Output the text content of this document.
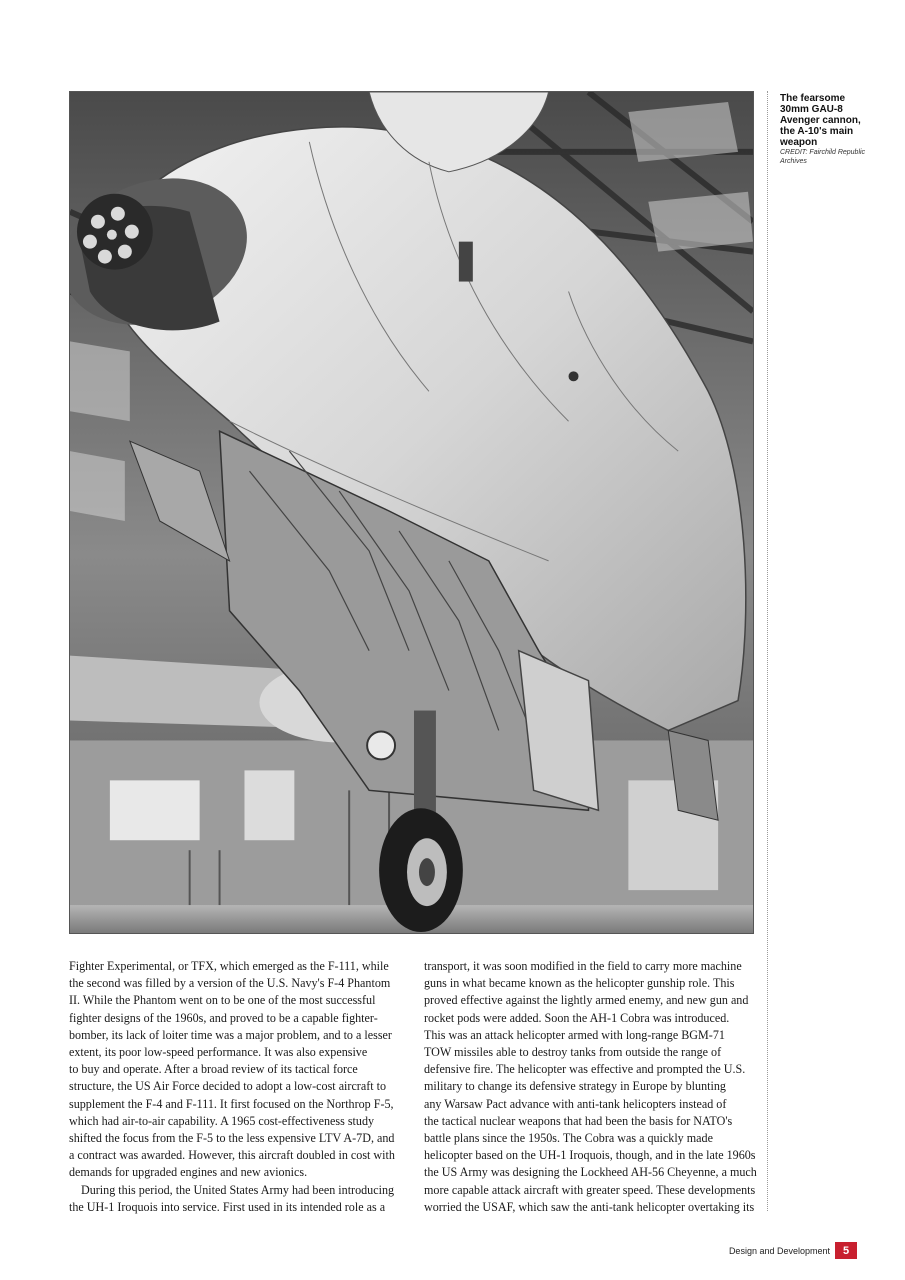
The fearsome
30mm GAU-8
Avenger cannon,
the A-10's main
weapon
CREDIT: Fairchild Republic
Archives

Fighter Experimental, or TFX, which emerged as the F-111, while

the second was filled by a version of the U.S. Navy's F-4 Phantom

II. While the Phantom went on to be one of the most successful

fighter designs of the 1960s, and proved to be a capable fighter-

bomber, its lack of loiter time was a major problem, and to a lesser

extent, its poor low-speed performance. It was also expensive

to buy and operate. After a broad review of its tactical force

structure, the US Air Force decided to adopt a low-cost aircraft to

supplement the F-4 and F-111. It first focused on the Northrop F-5,

which had air-to-air capability. A 1965 cost-effectiveness study

shifted the focus from the F-5 to the less expensive LTV A-7D, and

a contract was awarded. However, this aircraft doubled in cost with

demands for upgraded engines and new avionics.

During this period, the United States Army had been introducing

the UH-1 Iroquois into service. First used in its intended role as a

transport, it was soon modified in the field to carry more machine

guns in what became known as the helicopter gunship role. This

proved effective against the lightly armed enemy, and new gun and

rocket pods were added. Soon the AH-1 Cobra was introduced.

This was an attack helicopter armed with long-range BGM-71

TOW missiles able to destroy tanks from outside the range of

defensive fire. The helicopter was effective and prompted the U.S.

military to change its defensive strategy in Europe by blunting

any Warsaw Pact advance with anti-tank helicopters instead of

the tactical nuclear weapons that had been the basis for NATO's

battle plans since the 1950s. The Cobra was a quickly made

helicopter based on the UH-1 Iroquois, though, and in the late 1960s

the US Army was designing the Lockheed AH-56 Cheyenne, a much

more capable attack aircraft with greater speed. These developments

worried the USAF, which saw the anti-tank helicopter overtaking its

Design and Development	5
